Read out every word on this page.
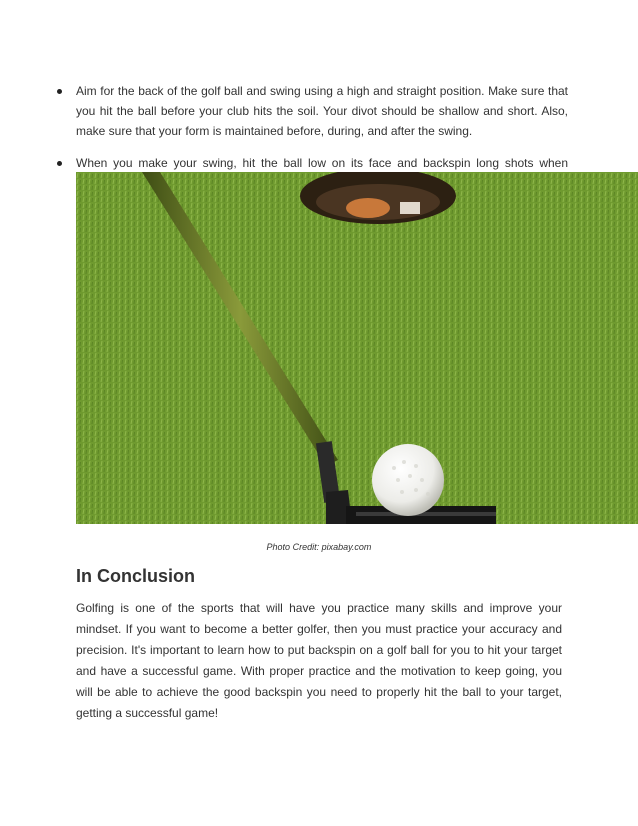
Aim for the back of the golf ball and swing using a high and straight position. Make sure that you hit the ball before your club hits the soil. Your divot should be shallow and short. Also, make sure that your form is maintained before, during, and after the swing.
When you make your swing, hit the ball low on its face and backspin long shots when
Photo Credit: pixabay.com
In Conclusion

Golfing is one of the sports that will have you practice many skills and improve your mindset. If you want to become a better golfer, then you must practice your accuracy and precision. It's important to learn how to put backspin on a golf ball for you to hit your target and have a successful game. With proper practice and the motivation to keep going, you will be able to achieve the good backspin you need to properly hit the ball to your target, getting a successful game!
